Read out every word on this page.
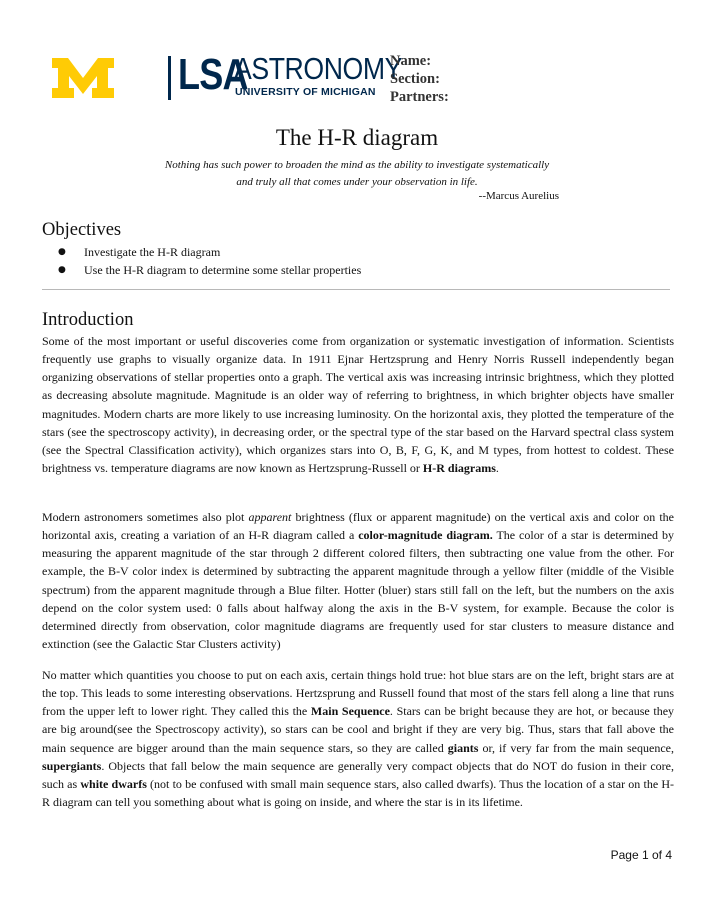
LSA
ASTRONOMY
UNIVERSITY OF MICHIGAN
Name:
Section:
Partners:
The H-R diagram
Nothing has such power to broaden the mind as the ability to investigate systematically
and truly all that comes under your observation in life.
--Marcus Aurelius
Objectives
● Investigate the H-R diagram
● Use the H-R diagram to determine some stellar properties
Introduction

Some of the most important or useful discoveries come from organization or systematic investigation of information. Scientists frequently use graphs to visually organize data. In 1911 Ejnar Hertzsprung and Henry Norris Russell independently began organizing observations of stellar properties onto a graph. The vertical axis was increasing intrinsic brightness, which they plotted as decreasing absolute magnitude. Magnitude is an older way of referring to brightness, in which brighter objects have smaller magnitudes. Modern charts are more likely to use increasing luminosity. On the horizontal axis, they plotted the temperature of the stars (see the spectroscopy activity), in decreasing order, or the spectral type of the star based on the Harvard spectral class system (see the Spectral Classification activity), which organizes stars into O, B, F, G, K, and M types, from hottest to coldest. These brightness vs. temperature diagrams are now known as Hertzsprung-Russell or H-R diagrams.

Modern astronomers sometimes also plot apparent brightness (flux or apparent magnitude) on the vertical axis and color on the horizontal axis, creating a variation of an H-R diagram called a color-magnitude diagram. The color of a star is determined by measuring the apparent magnitude of the star through 2 different colored filters, then subtracting one value from the other. For example, the B-V color index is determined by subtracting the apparent magnitude through a yellow filter (middle of the Visible spectrum) from the apparent magnitude through a Blue filter. Hotter (bluer) stars still fall on the left, but the numbers on the axis depend on the color system used: 0 falls about halfway along the axis in the B-V system, for example. Because the color is determined directly from observation, color magnitude diagrams are frequently used for star clusters to measure distance and extinction (see the Galactic Star Clusters activity)

No matter which quantities you choose to put on each axis, certain things hold true: hot blue stars are on the left, bright stars are at the top. This leads to some interesting observations. Hertzsprung and Russell found that most of the stars fell along a line that runs from the upper left to lower right. They called this the Main Sequence. Stars can be bright because they are hot, or because they are big around(see the Spectroscopy activity), so stars can be cool and bright if they are very big. Thus, stars that fall above the main sequence are bigger around than the main sequence stars, so they are called giants or, if very far from the main sequence, supergiants. Objects that fall below the main sequence are generally very compact objects that do NOT do fusion in their core, such as white dwarfs (not to be confused with small main sequence stars, also called dwarfs). Thus the location of a star on the H-R diagram can tell you something about what is going on inside, and where the star is in its lifetime.

Page 1 of 4
